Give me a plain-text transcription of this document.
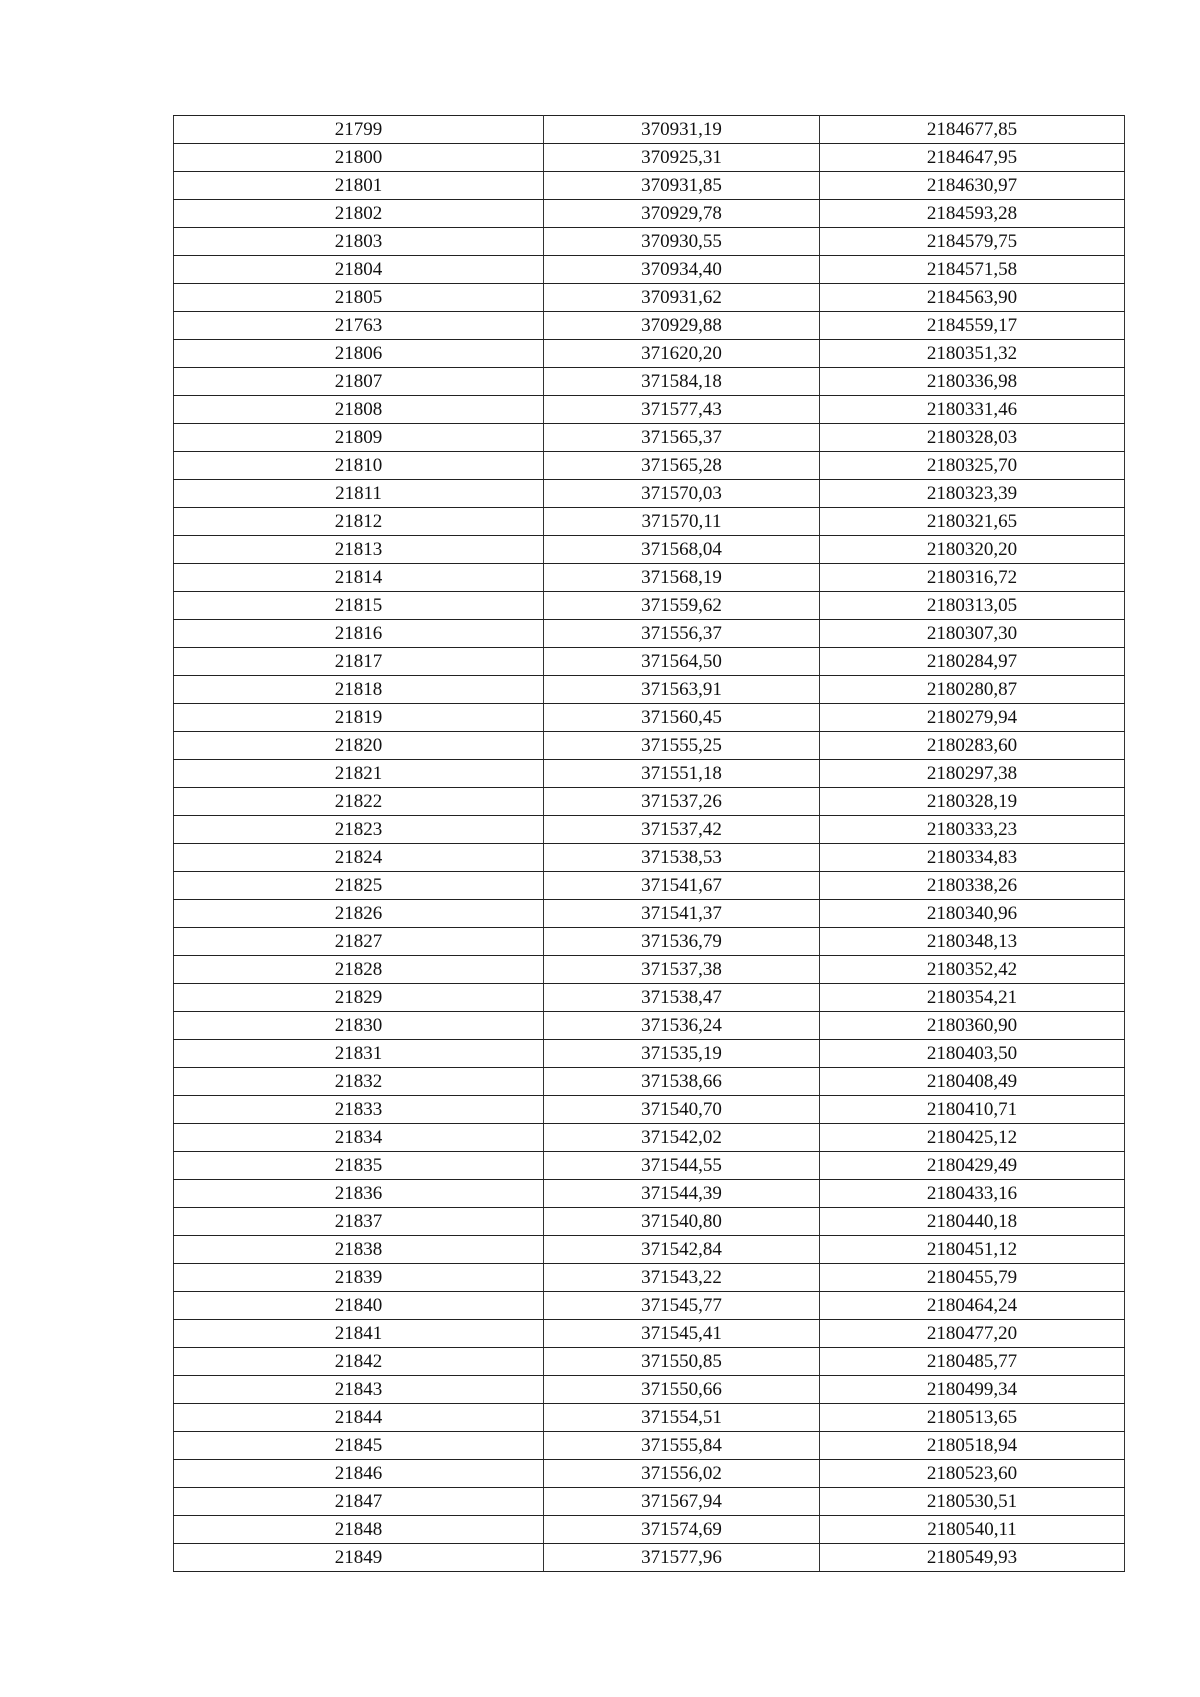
21799	370931,19	2184677,85
21800	370925,31	2184647,95
21801	370931,85	2184630,97
21802	370929,78	2184593,28
21803	370930,55	2184579,75
21804	370934,40	2184571,58
21805	370931,62	2184563,90
21763	370929,88	2184559,17
21806	371620,20	2180351,32
21807	371584,18	2180336,98
21808	371577,43	2180331,46
21809	371565,37	2180328,03
21810	371565,28	2180325,70
21811	371570,03	2180323,39
21812	371570,11	2180321,65
21813	371568,04	2180320,20
21814	371568,19	2180316,72
21815	371559,62	2180313,05
21816	371556,37	2180307,30
21817	371564,50	2180284,97
21818	371563,91	2180280,87
21819	371560,45	2180279,94
21820	371555,25	2180283,60
21821	371551,18	2180297,38
21822	371537,26	2180328,19
21823	371537,42	2180333,23
21824	371538,53	2180334,83
21825	371541,67	2180338,26
21826	371541,37	2180340,96
21827	371536,79	2180348,13
21828	371537,38	2180352,42
21829	371538,47	2180354,21
21830	371536,24	2180360,90
21831	371535,19	2180403,50
21832	371538,66	2180408,49
21833	371540,70	2180410,71
21834	371542,02	2180425,12
21835	371544,55	2180429,49
21836	371544,39	2180433,16
21837	371540,80	2180440,18
21838	371542,84	2180451,12
21839	371543,22	2180455,79
21840	371545,77	2180464,24
21841	371545,41	2180477,20
21842	371550,85	2180485,77
21843	371550,66	2180499,34
21844	371554,51	2180513,65
21845	371555,84	2180518,94
21846	371556,02	2180523,60
21847	371567,94	2180530,51
21848	371574,69	2180540,11
21849	371577,96	2180549,93
